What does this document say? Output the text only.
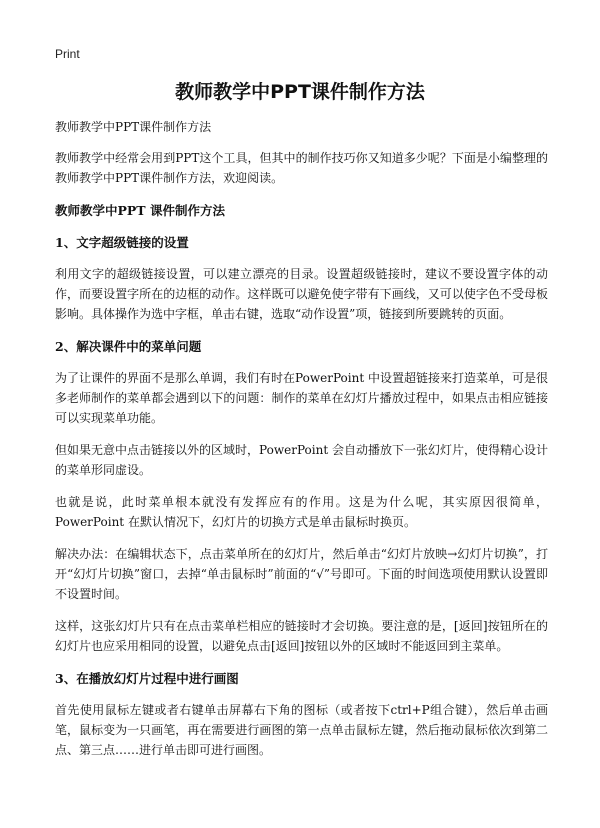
Print
教师教学中PPT课件制作方法

教师教学中PPT课件制作方法

教师教学中经常会用到PPT这个工具，但其中的制作技巧你又知道多少呢？下面是小编整理的教师教学中PPT课件制作方法，欢迎阅读。

教师教学中PPT 课件制作方法
1、文字超级链接的设置

利用文字的超级链接设置，可以建立漂亮的目录。设置超级链接时，建议不要设置字体的动作，而要设置字所在的边框的动作。这样既可以避免使字带有下画线，又可以使字色不受母板影响。具体操作为选中字框，单击右键，选取“动作设置”项，链接到所要跳转的页面。

2、解决课件中的菜单问题

为了让课件的界面不是那么单调，我们有时在PowerPoint 中设置超链接来打造菜单，可是很多老师制作的菜单都会遇到以下的问题：制作的菜单在幻灯片播放过程中，如果点击相应链接可以实现菜单功能。

但如果无意中点击链接以外的区域时，PowerPoint 会自动播放下一张幻灯片，使得精心设计的菜单形同虚设。

也就是说，此时菜单根本就没有发挥应有的作用。这是为什么呢，其实原因很简单，PowerPoint 在默认情况下，幻灯片的切换方式是单击鼠标时换页。

解决办法：在编辑状态下，点击菜单所在的幻灯片，然后单击“幻灯片放映→幻灯片切换”，打开“幻灯片切换”窗口，去掉“单击鼠标时”前面的“√”号即可。下面的时间选项使用默认设置即不设置时间。

这样，这张幻灯片只有在点击菜单栏相应的链接时才会切换。要注意的是，[返回]按钮所在的幻灯片也应采用相同的设置，以避免点击[返回]按钮以外的区域时不能返回到主菜单。

3、在播放幻灯片过程中进行画图

首先使用鼠标左键或者右键单击屏幕右下角的图标（或者按下ctrl+P组合键），然后单击画笔，鼠标变为一只画笔，再在需要进行画图的第一点单击鼠标左键，然后拖动鼠标依次到第二点、第三点……进行单击即可进行画图。
